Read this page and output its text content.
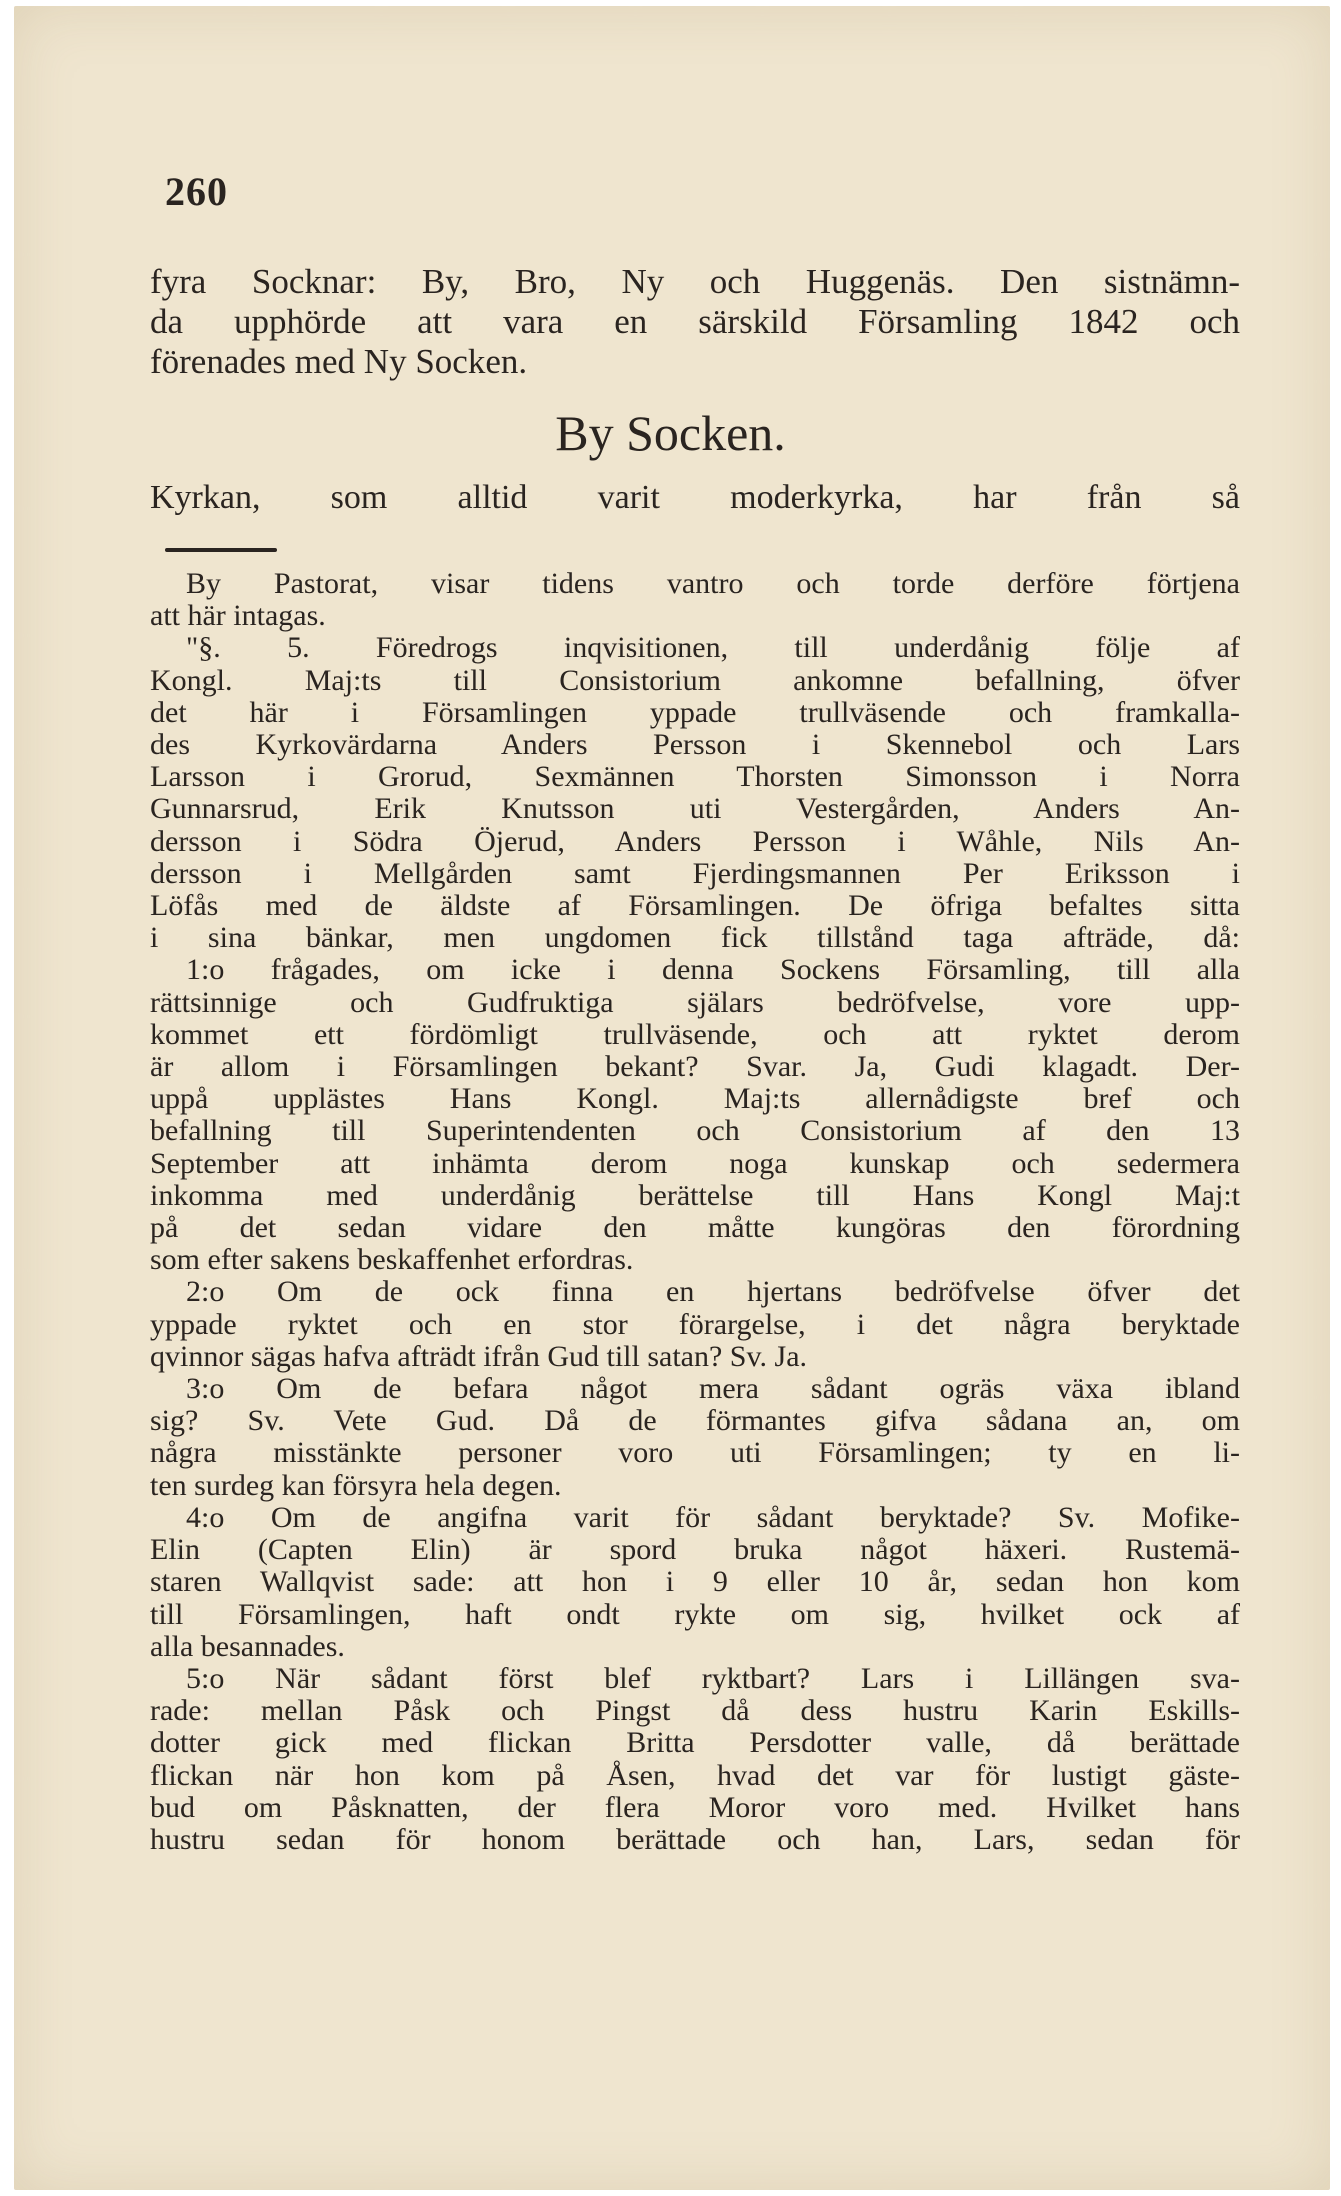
260
fyra Socknar: By, Bro, Ny och Huggenäs. Den sistnämn-
da upphörde att vara en särskild Församling 1842 och
förenades med Ny Socken.
By Socken.
Kyrkan, som alltid varit moderkyrka, har från så
By Pastorat, visar tidens vantro och torde derföre förtjena
att här intagas.
"§. 5. Föredrogs inqvisitionen, till underdånig följe af
Kongl. Maj:ts till Consistorium ankomne befallning, öfver
det här i Församlingen yppade trullväsende och framkalla-
des Kyrkovärdarna Anders Persson i Skennebol och Lars
Larsson i Grorud, Sexmännen Thorsten Simonsson i Norra
Gunnarsrud, Erik Knutsson uti Vestergården, Anders An-
dersson i Södra Öjerud, Anders Persson i Wåhle, Nils An-
dersson i Mellgården samt Fjerdingsmannen Per Eriksson i
Löfås med de äldste af Församlingen. De öfriga befaltes sitta
i sina bänkar, men ungdomen fick tillstånd taga afträde, då:
1:o frågades, om icke i denna Sockens Församling, till alla
rättsinnige och Gudfruktiga själars bedröfvelse, vore upp-
kommet ett fördömligt trullväsende, och att ryktet derom
är allom i Församlingen bekant? Svar. Ja, Gudi klagadt. Der-
uppå upplästes Hans Kongl. Maj:ts allernådigste bref och
befallning till Superintendenten och Consistorium af den 13
September att inhämta derom noga kunskap och sedermera
inkomma med underdånig berättelse till Hans Kongl Maj:t
på det sedan vidare den måtte kungöras den förordning
som efter sakens beskaffenhet erfordras.
2:o Om de ock finna en hjertans bedröfvelse öfver det
yppade ryktet och en stor förargelse, i det några beryktade
qvinnor sägas hafva afträdt ifrån Gud till satan? Sv. Ja.
3:o Om de befara något mera sådant ogräs växa ibland
sig? Sv. Vete Gud. Då de förmantes gifva sådana an, om
några misstänkte personer voro uti Församlingen; ty en li-
ten surdeg kan försyra hela degen.
4:o Om de angifna varit för sådant beryktade? Sv. Mofike-
Elin (Capten Elin) är spord bruka något häxeri. Rustemä-
staren Wallqvist sade: att hon i 9 eller 10 år, sedan hon kom
till Församlingen, haft ondt rykte om sig, hvilket ock af
alla besannades.
5:o När sådant först blef ryktbart? Lars i Lillängen sva-
rade: mellan Påsk och Pingst då dess hustru Karin Eskills-
dotter gick med flickan Britta Persdotter valle, då berättade
flickan när hon kom på Åsen, hvad det var för lustigt gäste-
bud om Påsknatten, der flera Moror voro med. Hvilket hans
hustru sedan för honom berättade och han, Lars, sedan för
